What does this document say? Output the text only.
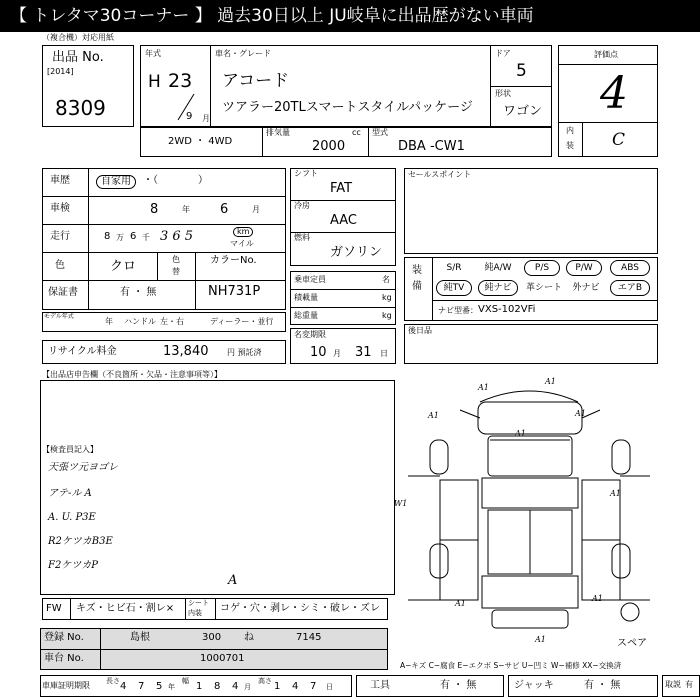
【 トレタマ30コーナー 】 過去30日以上 JU岐阜に出品歴がない車両
（複合機）対応用紙
出品 No.
[2014]
8309
年式
H 23
9 月
車名・グレード
アコード
ツアラー20TLスマートスタイルパッケージ
ドア
5
形状
ワゴン
2WD ・ 4WD
排気量	cc
2000
型式
DBA -CW1
評価点
4
内
装 C
車歴	自家用	・（　　　　）
車検	8	年 6	月
走行	8 万 6 千 3 6 5	km
マイル
色	クロ	色
替
カラーNo.
NH731P
保証書	有 ・ 無
モデル年式
年 ハンドル 左・右	ディーラー・並行
リサイクル料金	13,840 円 預託済
シフト
FAT
冷房
AAC
燃料
ガソリン
乗車定員	名
積載量	kg
総重量	kg
名変期限
10 月 31 日
セールスポイント
装
備
S/R	純A/W	P/S	P/W	ABS
純TV	純ナビ	革シート	外ナビ	エアB
ナビ型番： VXS-102VFi
後日品
【出品店申告欄（不良箇所・欠品・注意事項等）】
【検査員記入】
天張ツ元ヨゴレ
アテ-ル A
A. U. P3E
R2ケツカB3E
F2ケツカP
A1
A1
A1	A1
A1
A1
W1
A1
A1
A1	スペア
FW キズ・ヒビ石・割レ× シート
内装 コゲ・穴・剥レ・シミ・破レ・ズレ
A
登録 No.	島根	300 ね	7145
車台 No.	1000701
A−キズ C−腐食 E−エクボ S−サビ U−凹ミ W−補修 XX−交換済
車庫証明期限 長さ 4 7 5 年
幅 1 8 4 月
高さ 1 4 7 日	工具	有 ・ 無	ジャッキ	有 ・ 無	取説 有
